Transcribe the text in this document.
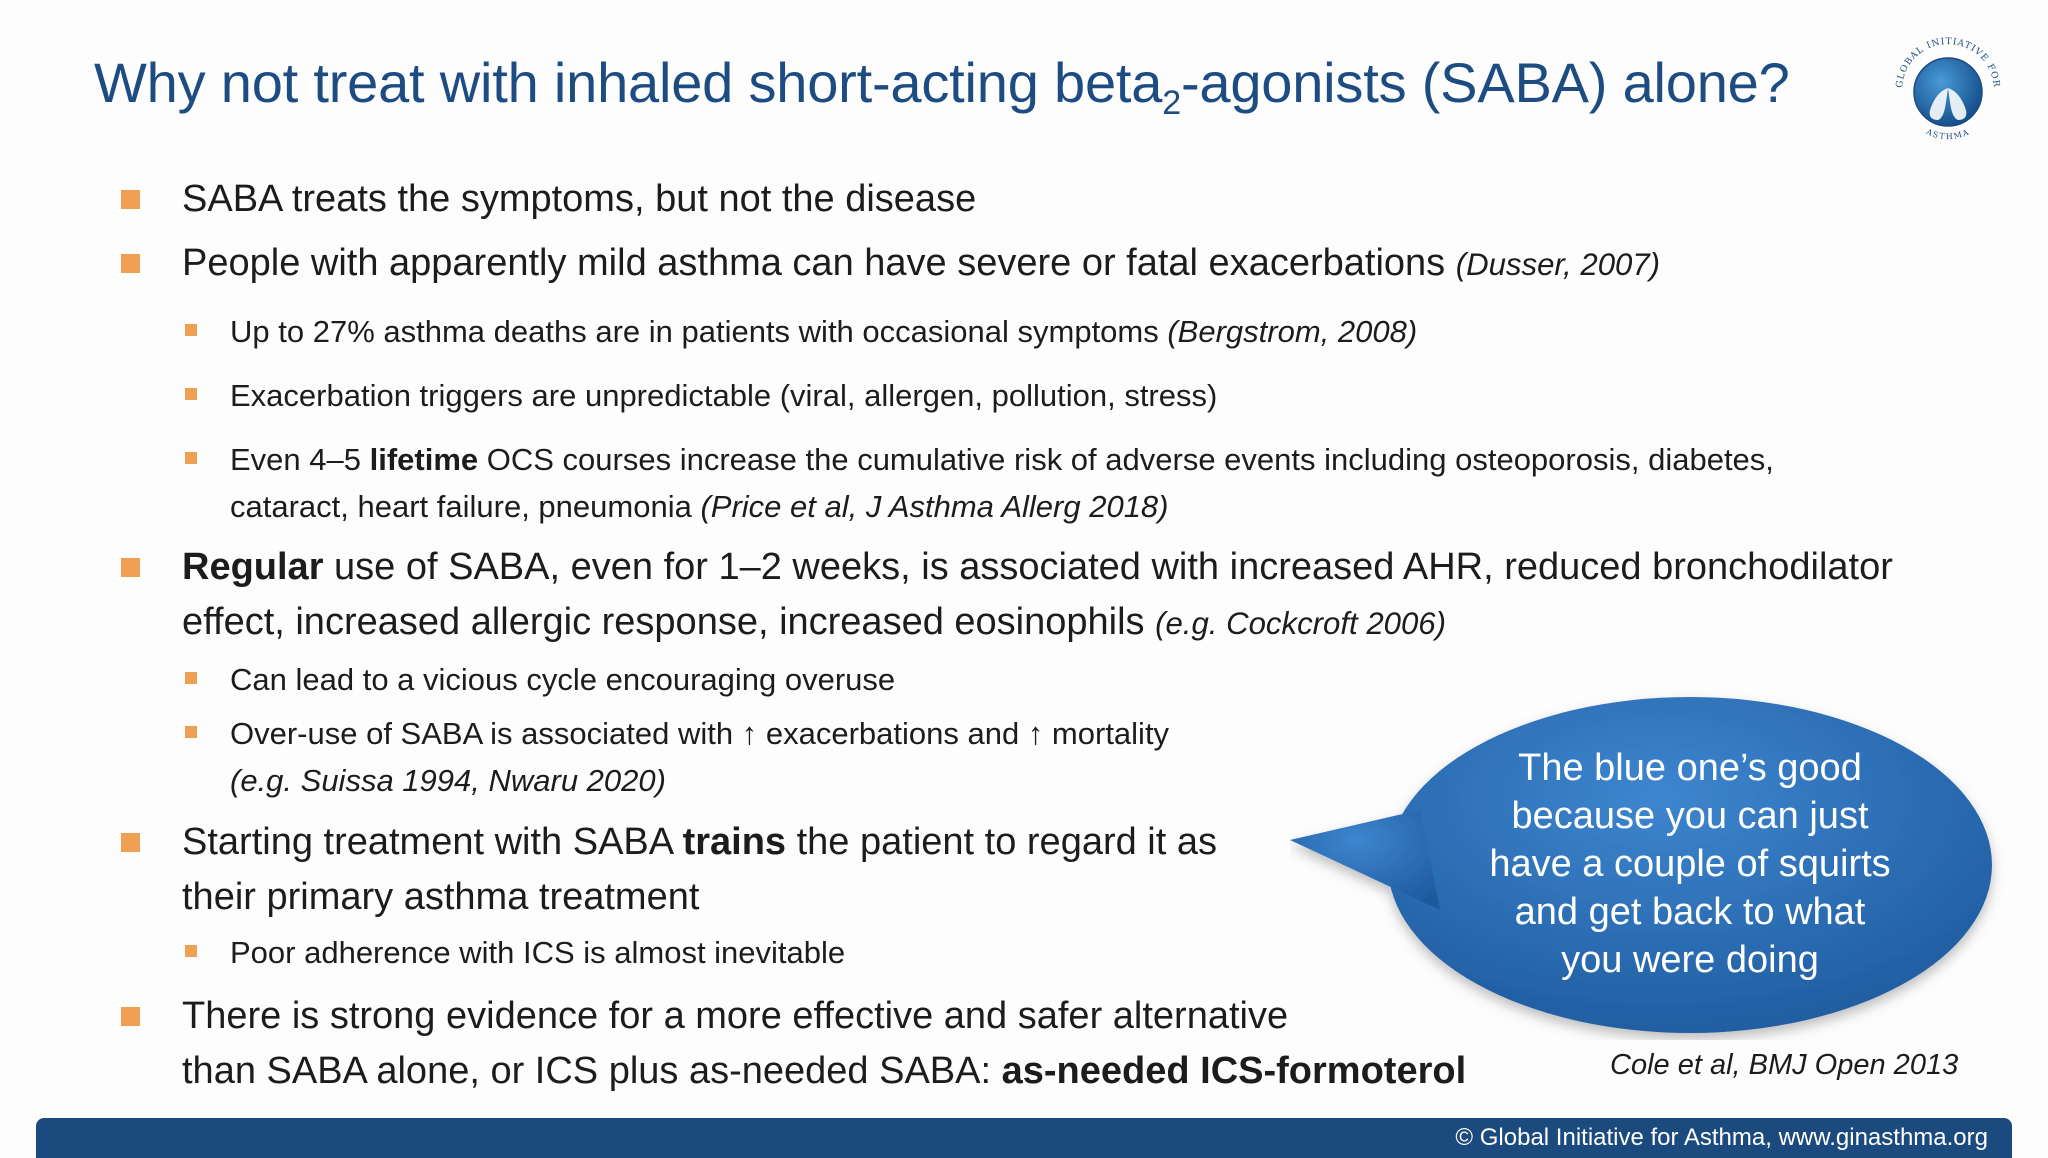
Why not treat with inhaled short-acting beta$_2$-agonists (SABA) alone?	GLOBAL INITIATIVE FOR
ASTHMA
SABA treats the symptoms, but not the disease
People with apparently mild asthma can have severe or fatal exacerbations (Dusser, 2007)
Up to 27% asthma deaths are in patients with occasional symptoms (Bergstrom, 2008)
Exacerbation triggers are unpredictable (viral, allergen, pollution, stress)
Even 4–5 lifetime OCS courses increase the cumulative risk of adverse events including osteoporosis, diabetes,
cataract, heart failure, pneumonia (Price et al, J Asthma Allerg 2018)
Regular use of SABA, even for 1–2 weeks, is associated with increased AHR, reduced bronchodilator
effect, increased allergic response, increased eosinophils (e.g. Cockcroft 2006)
Can lead to a vicious cycle encouraging overuse
Over-use of SABA is associated with ↑ exacerbations and ↑ mortality
(e.g. Suissa 1994, Nwaru 2020)
Starting treatment with SABA trains the patient to regard it as
their primary asthma treatment
Poor adherence with ICS is almost inevitable
There is strong evidence for a more effective and safer alternative
than SABA alone, or ICS plus as-needed SABA: as-needed ICS-formoterol
The blue one’s good
because you can just
have a couple of squirts
and get back to what
you were doing
Cole et al, BMJ Open 2013
© Global Initiative for Asthma, www.ginasthma.org
